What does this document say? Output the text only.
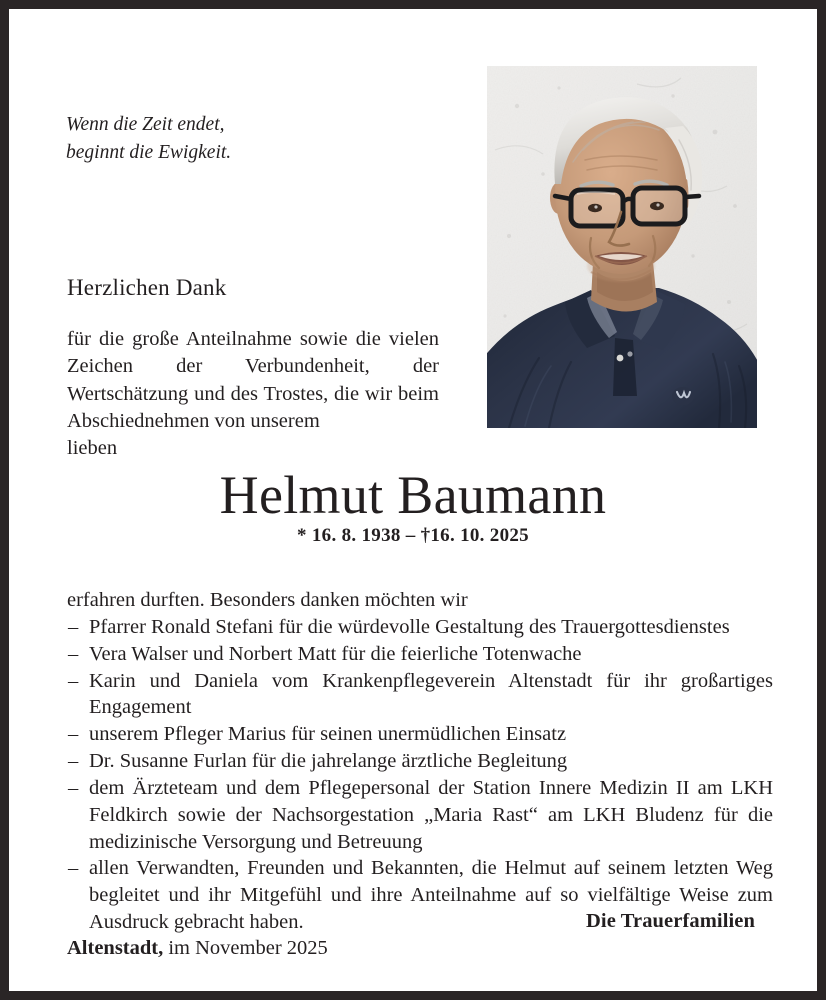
Wenn die Zeit endet,
beginnt die Ewigkeit.
Herzlichen Dank
für die große Anteilnahme sowie die vielen Zeichen der Verbundenheit, der Wertschätzung und des Trostes, die wir beim Abschiednehmen von unserem
lieben
Helmut Baumann
* 16. 8. 1938 – †16. 10. 2025
erfahren durften. Besonders danken möchten wir
– Pfarrer Ronald Stefani für die würdevolle Gestaltung des Trauergottesdienstes
– Vera Walser und Norbert Matt für die feierliche Totenwache
– Karin und Daniela vom Krankenpflegeverein Altenstadt für ihr großartiges Engagement
– unserem Pfleger Marius für seinen unermüdlichen Einsatz
– Dr. Susanne Furlan für die jahrelange ärztliche Begleitung
– dem Ärzteteam und dem Pflegepersonal der Station Innere Medizin II am LKH Feldkirch sowie der Nachsorgestation „Maria Rast“ am LKH Bludenz für die medizinische Versorgung und Betreuung
– allen Verwandten, Freunden und Bekannten, die Helmut auf seinem letzten Weg begleitet und ihr Mitgefühl und ihre Anteilnahme auf so vielfältige Weise zum Ausdruck gebracht haben.	Die Trauerfamilien
Altenstadt, im November 2025
